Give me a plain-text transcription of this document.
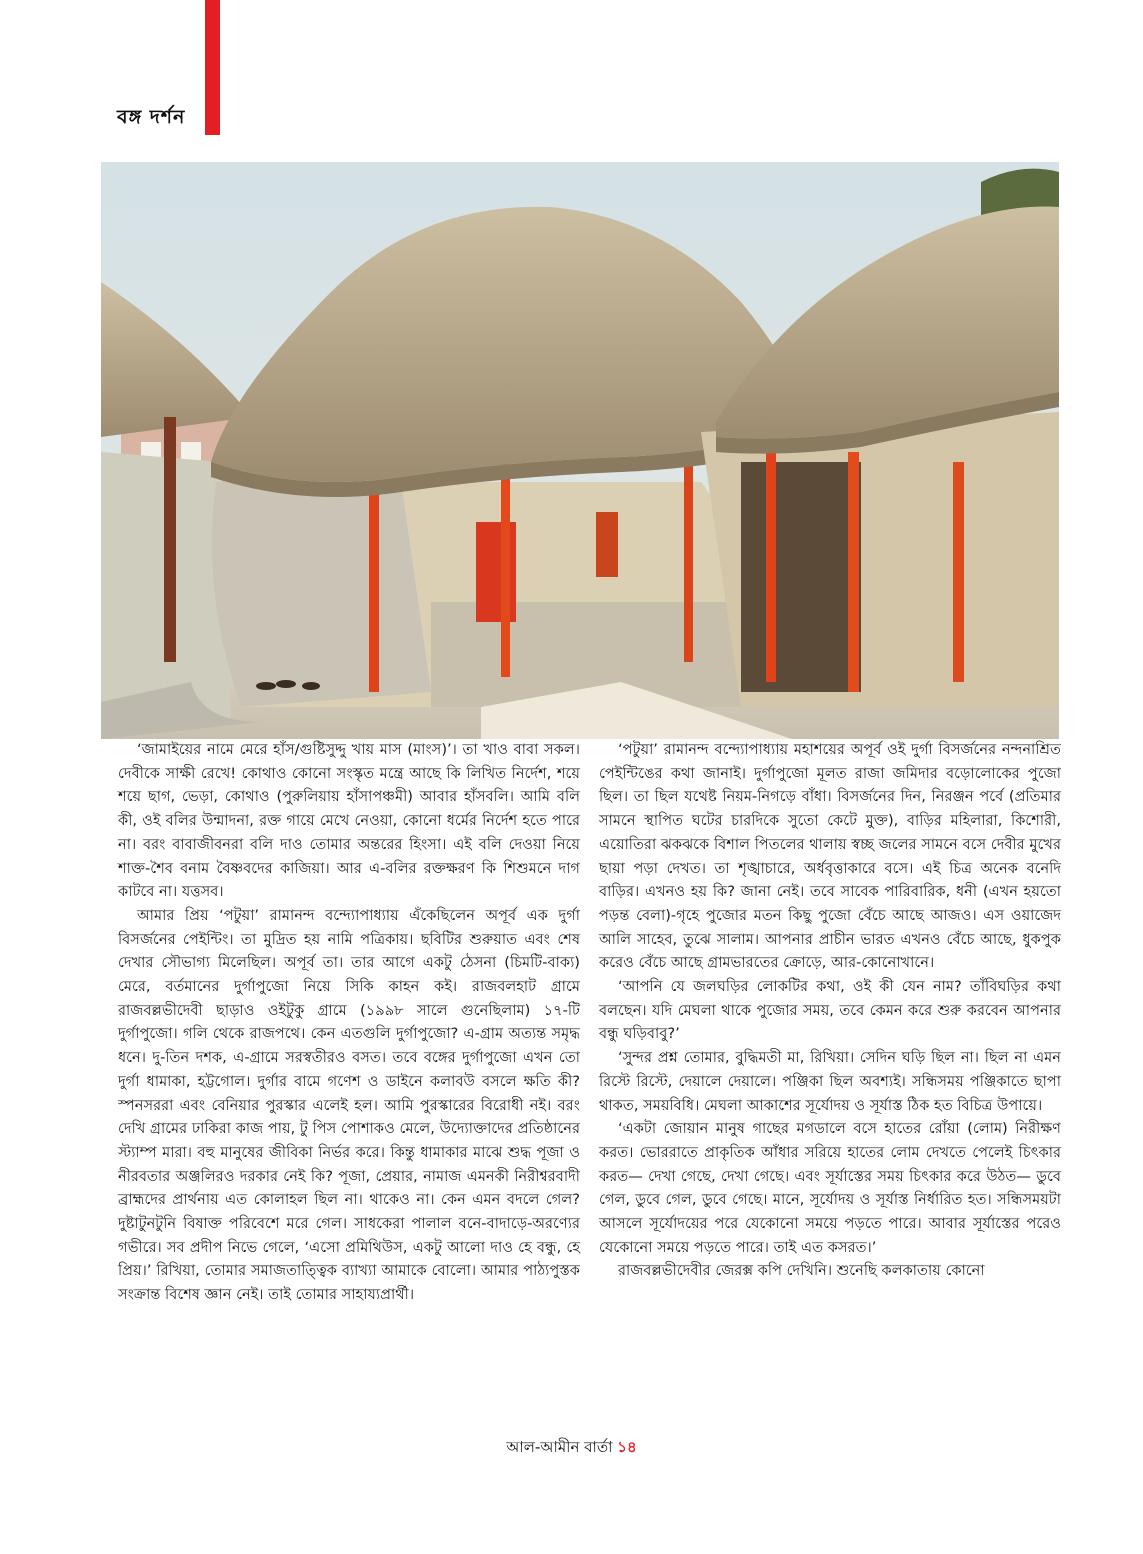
বঙ্গ দর্শন

‘জামাইয়ের নামে মেরে হাঁস/গুষ্টিসুদ্দু খায় মাস (মাংস)’। তা খাও বাবা সকল। দেবীকে সাক্ষী রেখে! কোথাও কোনো সংস্কৃত মন্ত্রে আছে কি লিখিত নির্দেশ, শয়ে শয়ে ছাগ, ভেড়া, কোথাও (পুরুলিয়ায় হাঁসাপঞ্চমী) আবার হাঁসবলি। আমি বলি কী, ওই বলির উন্মাদনা, রক্ত গায়ে মেখে নেওয়া, কোনো ধর্মের নির্দেশ হতে পারে না। বরং বাবাজীবনরা বলি দাও তোমার অন্তরের হিংসা। এই বলি দেওয়া নিয়ে শাক্ত-শৈব বনাম বৈষ্ণবদের কাজিয়া। আর এ-বলির রক্তক্ষরণ কি শিশুমনে দাগ কাটবে না। যত্তসব।

আমার প্রিয় ‘পটুয়া’ রামানন্দ বন্দ্যোপাধ্যায় এঁকেছিলেন অপূর্ব এক দুর্গা বিসর্জনের পেইন্টিং। তা মুদ্রিত হয় নামি পত্রিকায়। ছবিটির শুরুয়াত এবং শেষ দেখার সৌভাগ্য মিলেছিল। অপূর্ব তা। তার আগে একটু ঠেসনা (চিমটি-বাক্য) মেরে, বর্তমানের দুর্গাপুজো নিয়ে সিকি কাহন কই। রাজবলহাট গ্রামে রাজবল্লভীদেবী ছাড়াও ওইটুকু গ্রামে (১৯৯৮ সালে গুনেছিলাম) ১৭-টি দুর্গাপুজো। গলি থেকে রাজপথে। কেন এতগুলি দুর্গাপুজো? এ-গ্রাম অত্যন্ত সমৃদ্ধ ধনে। দু-তিন দশক, এ-গ্রামে সরস্বতীরও বসত। তবে বঙ্গের দুর্গাপুজো এখন তো দুর্গা ধামাকা, হট্টগোল। দুর্গার বামে গণেশ ও ডাইনে কলাবউ বসলে ক্ষতি কী? স্পনসররা এবং বেনিয়ার পুরস্কার এলেই হল। আমি পুরস্কারের বিরোধী নই। বরং দেখি গ্রামের ঢাকিরা কাজ পায়, টু পিস পোশাকও মেলে, উদ্যোক্তাদের প্রতিষ্ঠানের স্ট্যাম্প মারা। বহু মানুষের জীবিকা নির্ভর করে। কিন্তু ধামাকার মাঝে শুদ্ধ পূজা ও নীরবতার অঞ্জলিরও দরকার নেই কি? পূজা, প্রেয়ার, নামাজ এমনকী নিরীশ্বরবাদী ব্রাহ্মদের প্রার্থনায় এত কোলাহল ছিল না। থাকেও না। কেন এমন বদলে গেল? দুষ্টাটুনটুনি বিষাক্ত পরিবেশে মরে গেল। সাধকেরা পালাল বনে-বাদাড়ে-অরণ্যের গভীরে। সব প্রদীপ নিভে গেলে, ‘এসো প্রমিথিউস, একটু আলো দাও হে বন্ধু, হে প্রিয়।’ রিখিয়া, তোমার সমাজতাত্ত্বিক ব্যাখ্যা আমাকে বোলো। আমার পাঠ্যপুস্তক সংক্রান্ত বিশেষ জ্ঞান নেই। তাই তোমার সাহায্যপ্রার্থী।

‘পটুয়া’ রামানন্দ বন্দ্যোপাধ্যায় মহাশয়ের অপূর্ব ওই দুর্গা বিসর্জনের নন্দনাশ্রিত পেইন্টিঙের কথা জানাই। দুর্গাপুজো মূলত রাজা জমিদার বড়োলোকের পুজো ছিল। তা ছিল যথেষ্ট নিয়ম-নিগড়ে বাঁধা। বিসর্জনের দিন, নিরঞ্জন পর্বে (প্রতিমার সামনে স্থাপিত ঘটের চারদিকে সুতো কেটে মুক্ত), বাড়ির মহিলারা, কিশোরী, এয়োতিরা ঝকঝকে বিশাল পিতলের থালায় স্বচ্ছ জলের সামনে বসে দেবীর মুখের ছায়া পড়া দেখত। তা শৃঙ্খাচারে, অর্ধবৃত্তাকারে বসে। এই চিত্র অনেক বনেদি বাড়ির। এখনও হয় কি? জানা নেই। তবে সাবেক পারিবারিক, ধনী (এখন হয়তো পড়ন্ত বেলা)-গৃহে পুজোর মতন কিছু পুজো বেঁচে আছে আজও। এস ওয়াজেদ আলি সাহেব, তুঝে সালাম। আপনার প্রাচীন ভারত এখনও বেঁচে আছে, ধুকপুক করেও বেঁচে আছে গ্রামভারতের ক্রোড়ে, আর-কোনোখানে।

‘আপনি যে জলঘড়ির লোকটির কথা, ওই কী যেন নাম? তাঁবিঘড়ির কথা বলছেন। যদি মেঘলা থাকে পুজোর সময়, তবে কেমন করে শুরু করবেন আপনার বন্ধু ঘড়িবাবু?’

‘সুন্দর প্রশ্ন তোমার, বুদ্ধিমতী মা, রিখিয়া। সেদিন ঘড়ি ছিল না। ছিল না এমন রিস্টে রিস্টে, দেয়ালে দেয়ালে। পঞ্জিকা ছিল অবশ্যই। সন্ধিসময় পঞ্জিকাতে ছাপা থাকত, সময়বিধি। মেঘলা আকাশের সূর্যোদয় ও সূর্যাস্ত ঠিক হত বিচিত্র উপায়ে।

‘একটা জোয়ান মানুষ গাছের মগডালে বসে হাতের রোঁয়া (লোম) নিরীক্ষণ করত। ভোররাতে প্রাকৃতিক আঁধার সরিয়ে হাতের লোম দেখতে পেলেই চিৎকার করত— দেখা গেছে, দেখা গেছে। এবং সূর্যাস্তের সময় চিৎকার করে উঠত— ডুবে গেল, ডুবে গেল, ডুবে গেছে। মানে, সূর্যোদয় ও সূর্যাস্ত নির্ধারিত হত। সন্ধিসময়টা আসলে সূর্যোদয়ের পরে যেকোনো সময়ে পড়তে পারে। আবার সূর্যাস্তের পরেও যেকোনো সময়ে পড়তে পারে। তাই এত কসরত।’

রাজবল্লভীদেবীর জেরক্স কপি দেখিনি। শুনেছি কলকাতায় কোনো

আল-আমীন বার্তা ১৪
